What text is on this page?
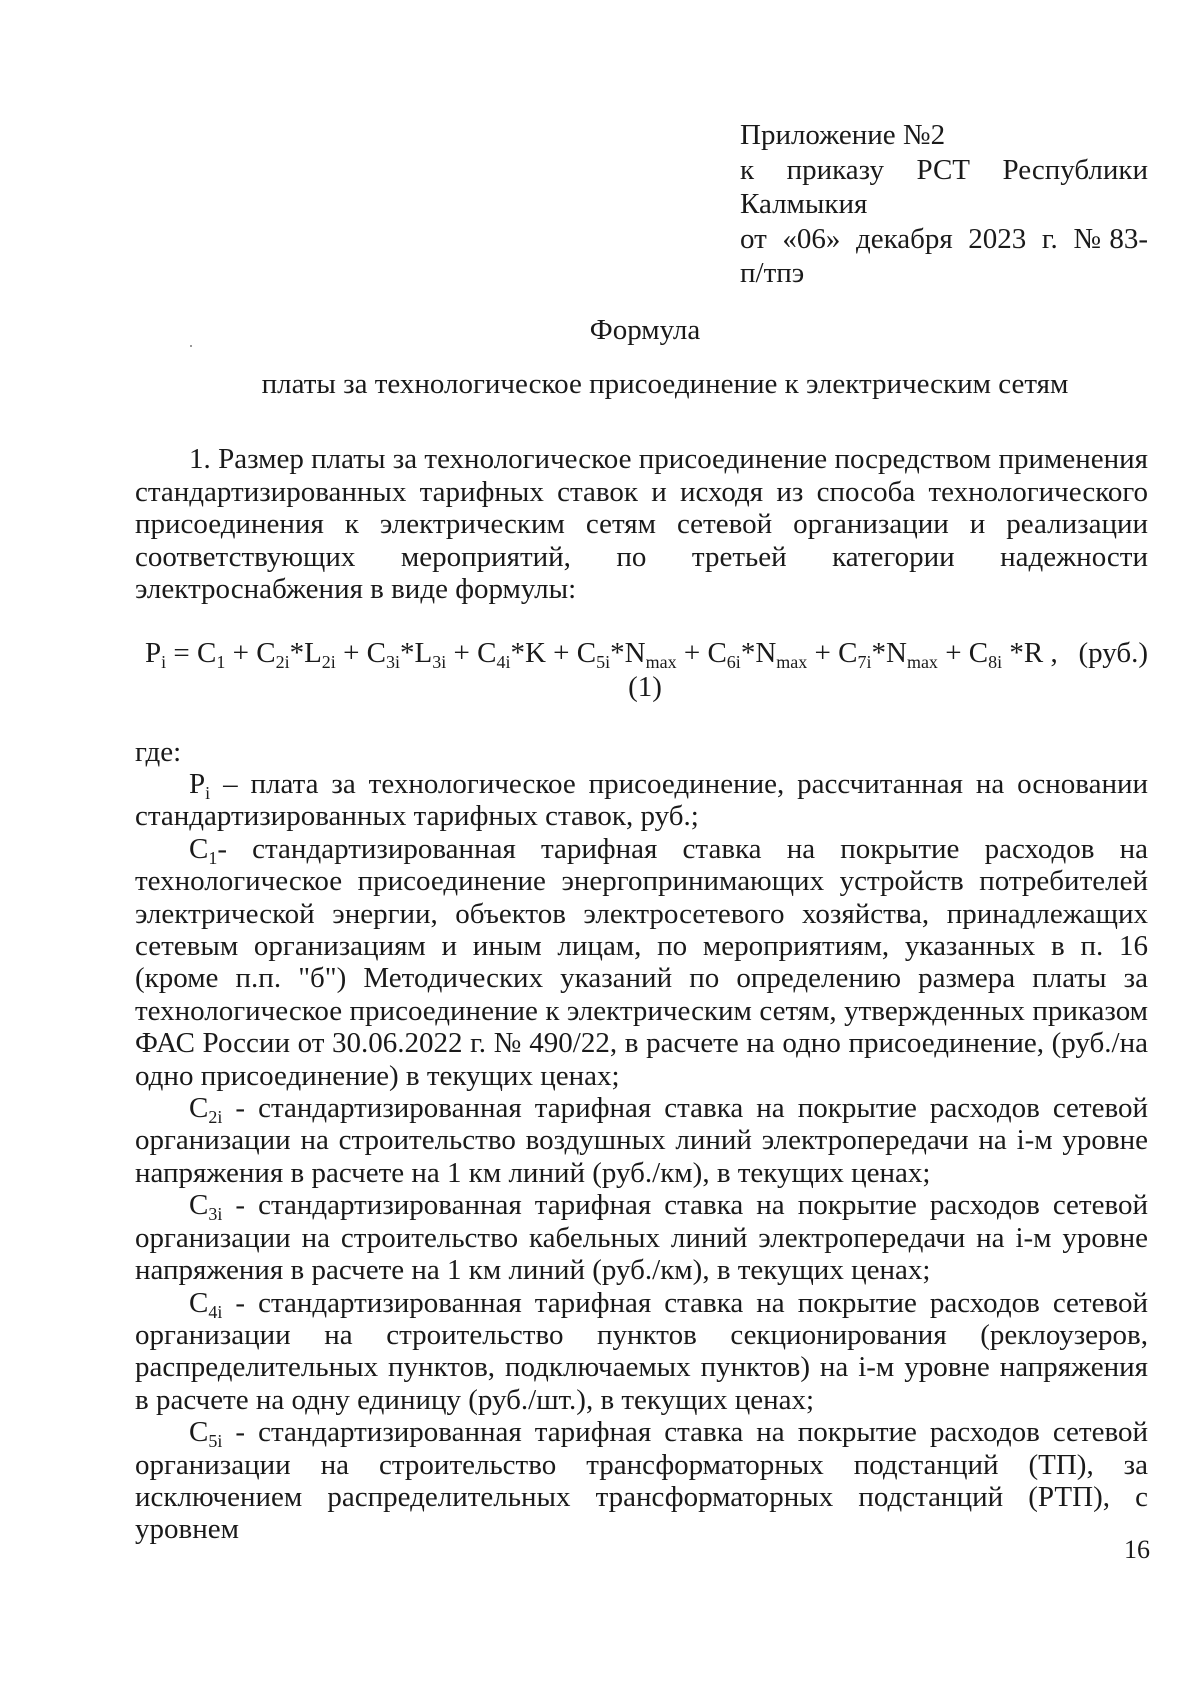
Приложение №2
к приказу РСТ Республики
Калмыкия
от «06» декабря 2023 г. №83-
п/тпэ
Формула
платы за технологическое присоединение к электрическим сетям

1. Размер платы за технологическое присоединение посредством применения стандартизированных тарифных ставок и исходя из способа технологического присоединения к электрическим сетям сетевой организации и реализации соответствующих мероприятий, по третьей категории надежности электроснабжения в виде формулы:

$P_i = C_1 + C_{2i}*L_{2i} + C_{3i}*L_{3i} + C_{4i}*K + C_{5i}*N_{max} + C_{6i}*N_{max} + C_{7i}*N_{max} + C_{8i}$ *R , (руб.)
(1)
где:

$P_i$ – плата за технологическое присоединение, рассчитанная на основании стандартизированных тарифных ставок, руб.;

$C_1-$ стандартизированная тарифная ставка на покрытие расходов на технологическое присоединение энергопринимающих устройств потребителей электрической энергии, объектов электросетевого хозяйства, принадлежащих сетевым организациям и иным лицам, по мероприятиям, указанных в п. 16 (кроме п.п. "б") Методических указаний по определению размера платы за технологическое присоединение к электрическим сетям, утвержденных приказом ФАС России от 30.06.2022 г. № 490/22, в расчете на одно присоединение, (руб./на одно присоединение) в текущих ценах;

$C_{2i}$ - стандартизированная тарифная ставка на покрытие расходов сетевой организации на строительство воздушных линий электропередачи на i-м уровне напряжения в расчете на 1 км линий (руб./км), в текущих ценах;

$C_{3i}$ - стандартизированная тарифная ставка на покрытие расходов сетевой организации на строительство кабельных линий электропередачи на i-м уровне напряжения в расчете на 1 км линий (руб./км), в текущих ценах;

$C_{4i}$ - стандартизированная тарифная ставка на покрытие расходов сетевой организации на строительство пунктов секционирования (реклоузеров, распределительных пунктов, подключаемых пунктов) на i-м уровне напряжения в расчете на одну единицу (руб./шт.), в текущих ценах;

$C_{5i}$ - стандартизированная тарифная ставка на покрытие расходов сетевой организации на строительство трансформаторных подстанций (ТП), за исключением распределительных трансформаторных подстанций (РТП), с уровнем

16
